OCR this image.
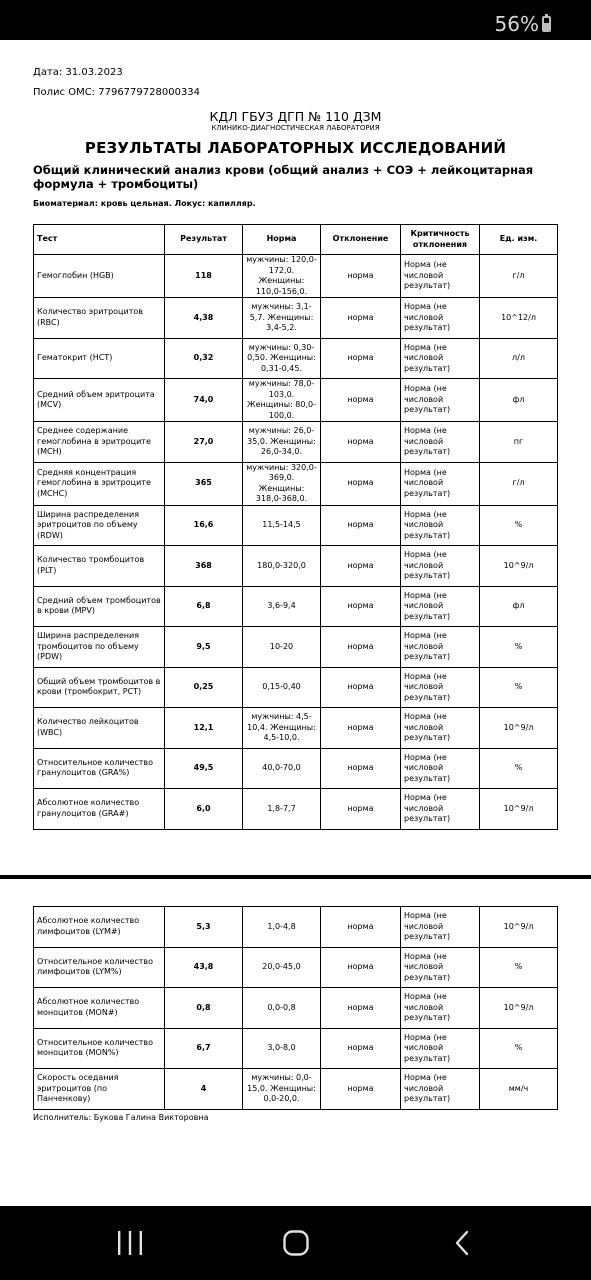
56%
Дата: 31.03.2023
Полис ОМС: 7796779728000334
КДЛ ГБУЗ ДГП № 110 ДЗМ
КЛИНИКО-ДИАГНОСТИЧЕСКАЯ ЛАБОРАТОРИЯ
РЕЗУЛЬТАТЫ ЛАБОРАТОРНЫХ ИССЛЕДОВАНИЙ
Общий клинический анализ крови (общий анализ + СОЭ + лейкоцитарная формула + тромбоциты)
Биоматериал: кровь цельная. Локус: капилляр.
Тест	Результат	Норма	Отклонение	Критичность отклонения	Ед. изм.
Гемоглобин (HGB)	118	мужчины: 120,0-172,0. Женщины: 110,0-156,0.	норма	Норма (не числовой результат)	г/л
Количество эритроцитов (RBC)	4,38	мужчины: 3,1-5,7. Женщины: 3,4-5,2.	норма	Норма (не числовой результат)	10^12/л
Гематокрит (HCT)	0,32	мужчины: 0,30-0,50. Женщины: 0,31-0,45.	норма	Норма (не числовой результат)	л/л
Средний объем эритроцита (MCV)	74,0	мужчины: 78,0-103,0. Женщины: 80,0-100,0.	норма	Норма (не числовой результат)	фл
Среднее содержание гемоглобина в эритроците (MCH)	27,0	мужчины: 26,0-35,0. Женщины: 26,0-34,0.	норма	Норма (не числовой результат)	пг
Средняя концентрация гемоглобина в эритроците (MCHC)	365	мужчины: 320,0-369,0. Женщины: 318,0-368,0.	норма	Норма (не числовой результат)	г/л
Ширина распределения эритроцитов по объему (RDW)	16,6	11,5-14,5	норма	Норма (не числовой результат)	%
Количество тромбоцитов (PLT)	368	180,0-320,0	норма	Норма (не числовой результат)	10^9/л
Средний объем тромбоцитов в крови (MPV)	6,8	3,6-9,4	норма	Норма (не числовой результат)	фл
Ширина распределения тромбоцитов по объему (PDW)	9,5	10-20	норма	Норма (не числовой результат)	%
Общий объем тромбоцитов в крови (тромбокрит, PCT)	0,25	0,15-0,40	норма	Норма (не числовой результат)	%
Количество лейкоцитов (WBC)	12,1	мужчины: 4,5-10,4. Женщины: 4,5-10,0.	норма	Норма (не числовой результат)	10^9/л
Относительное количество гранулоцитов (GRA%)	49,5	40,0-70,0	норма	Норма (не числовой результат)	%
Абсолютное количество гранулоцитов (GRA#)	6,0	1,8-7,7	норма	Норма (не числовой результат)	10^9/л
Абсолютное количество лимфоцитов (LYM#)	5,3	1,0-4,8	норма	Норма (не числовой результат)	10^9/л
Относительное количество лимфоцитов (LYM%)	43,8	20,0-45,0	норма	Норма (не числовой результат)	%
Абсолютное количество моноцитов (MON#)	0,8	0,0-0,8	норма	Норма (не числовой результат)	10^9/л
Относительное количество моноцитов (MON%)	6,7	3,0-8,0	норма	Норма (не числовой результат)	%
Скорость оседания эритроцитов (по Панченкову)	4	мужчины: 0,0-15,0. Женщины: 0,0-20,0.	норма	Норма (не числовой результат)	мм/ч
Исполнитель: Букова Галина Викторовна
